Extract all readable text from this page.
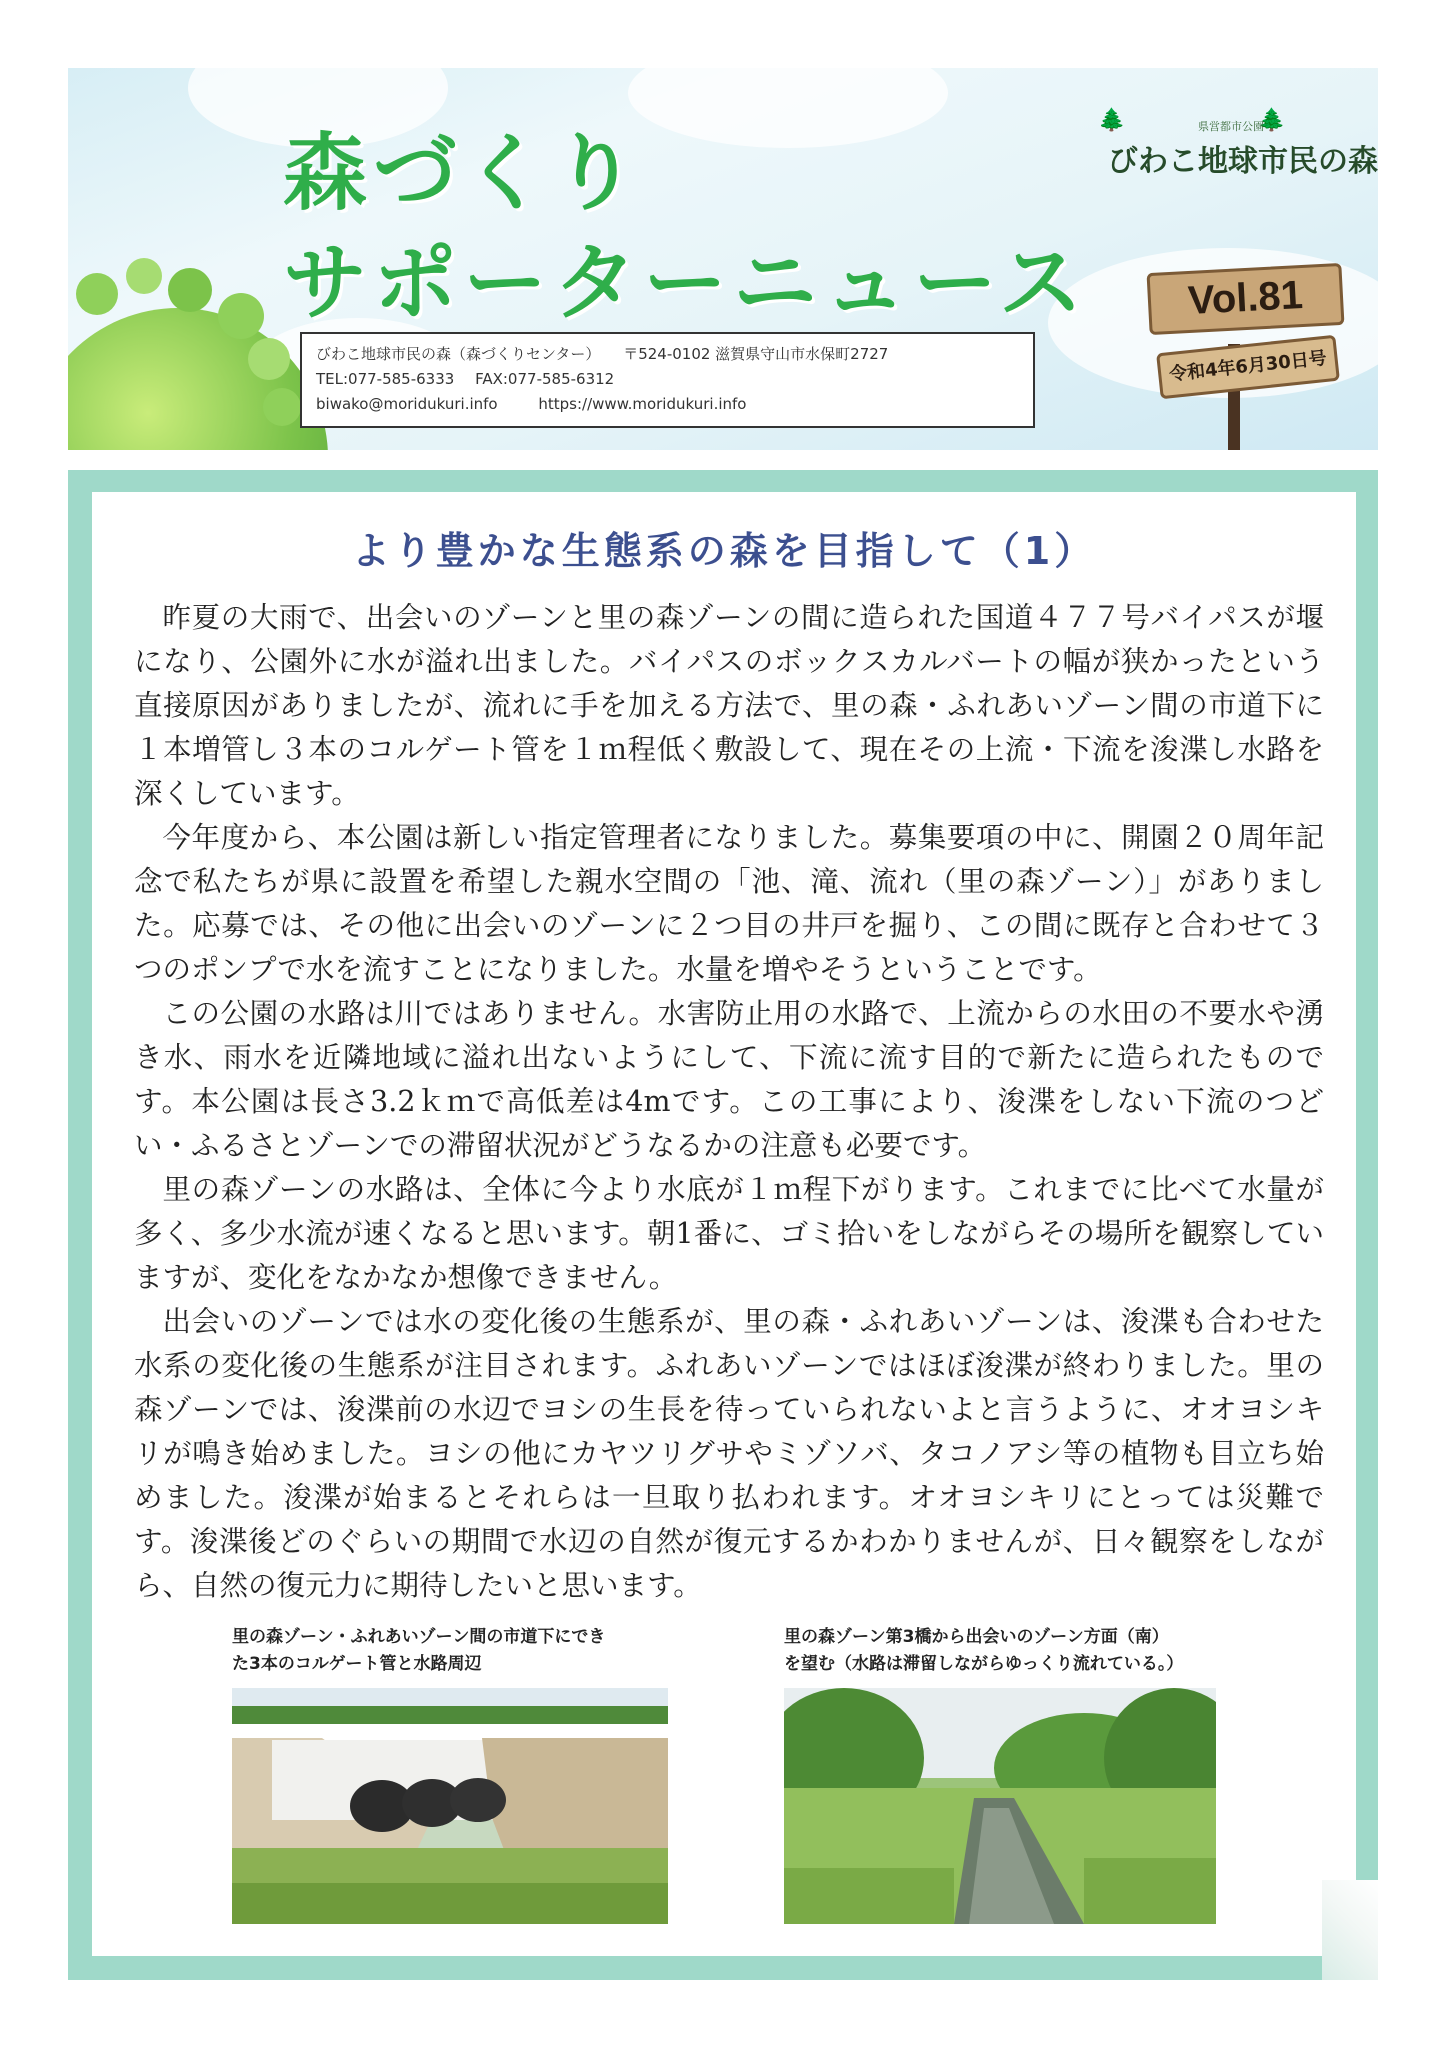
森づくり
サポーターニュース
🌲	🌲
県営都市公園
びわこ地球市民の森
びわこ地球市民の森（森づくりセンター） 〒524-0102 滋賀県守山市水保町2727
TEL:077-585-6333 FAX:077-585-6312
biwako@moridukuri.info	https://www.moridukuri.info
Vol.81
令和4年6月30日号
より豊かな生態系の森を目指して（1）

昨夏の大雨で、出会いのゾーンと里の森ゾーンの間に造られた国道４７７号バイパスが堰になり、公園外に水が溢れ出ました。バイパスのボックスカルバートの幅が狭かったという直接原因がありましたが、流れに手を加える方法で、里の森・ふれあいゾーン間の市道下に１本増管し３本のコルゲート管を１ｍ程低く敷設して、現在その上流・下流を浚渫し水路を深くしています。

今年度から、本公園は新しい指定管理者になりました。募集要項の中に、開園２０周年記念で私たちが県に設置を希望した親水空間の「池、滝、流れ（里の森ゾーン）」がありました。応募では、その他に出会いのゾーンに２つ目の井戸を掘り、この間に既存と合わせて３つのポンプで水を流すことになりました。水量を増やそうということです。

この公園の水路は川ではありません。水害防止用の水路で、上流からの水田の不要水や湧き水、雨水を近隣地域に溢れ出ないようにして、下流に流す目的で新たに造られたものです。本公園は長さ3.2ｋｍで高低差は4mです。この工事により、浚渫をしない下流のつどい・ふるさとゾーンでの滞留状況がどうなるかの注意も必要です。

里の森ゾーンの水路は、全体に今より水底が１ｍ程下がります。これまでに比べて水量が多く、多少水流が速くなると思います。朝1番に、ゴミ拾いをしながらその場所を観察していますが、変化をなかなか想像できません。

出会いのゾーンでは水の変化後の生態系が、里の森・ふれあいゾーンは、浚渫も合わせた水系の変化後の生態系が注目されます。ふれあいゾーンではほぼ浚渫が終わりました。里の森ゾーンでは、浚渫前の水辺でヨシの生長を待っていられないよと言うように、オオヨシキリが鳴き始めました。ヨシの他にカヤツリグサやミゾソバ、タコノアシ等の植物も目立ち始めました。浚渫が始まるとそれらは一旦取り払われます。オオヨシキリにとっては災難です。浚渫後どのぐらいの期間で水辺の自然が復元するかわかりませんが、日々観察をしながら、自然の復元力に期待したいと思います。

里の森ゾーン・ふれあいゾーン間の市道下にでき
た3本のコルゲート管と水路周辺
里の森ゾーン第3橋から出会いのゾーン方面（南）
を望む（水路は滞留しながらゆっくり流れている。）
